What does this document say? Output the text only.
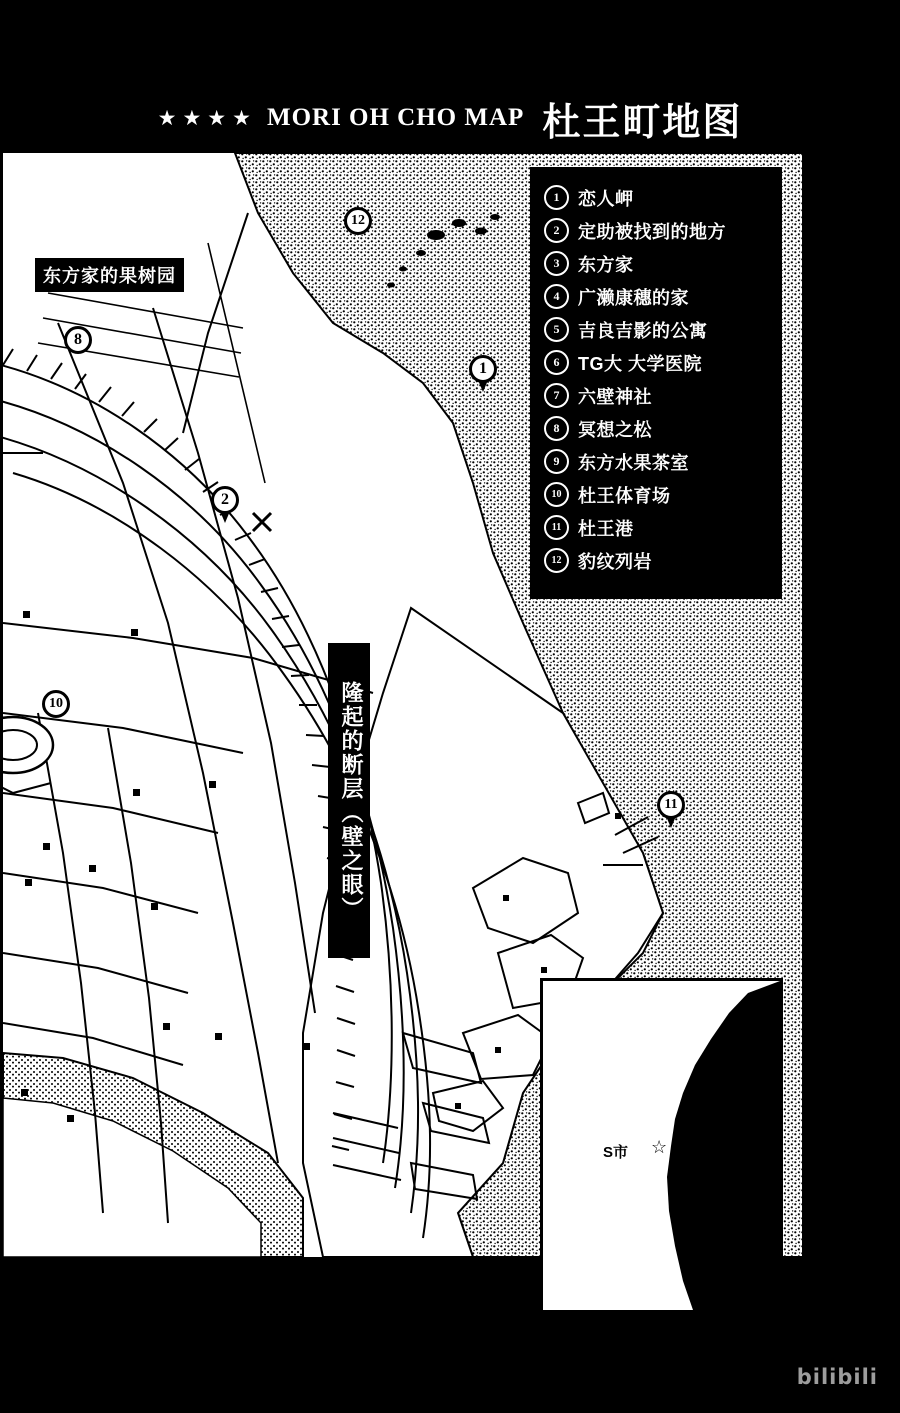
★★★★ MORI OH CHO MAP 杜王町地图
东方家的果树园
隆起的断层（壁之眼）
12
8
1
2
10
11
1	恋人岬
2	定助被找到的地方
3	东方家
4	广濑康穗的家
5	吉良吉影的公寓
6	TG大 大学医院
7	六壁神社
8	冥想之松
9	东方水果茶室
10 杜王体育场
11 杜王港
12 豹纹列岩
S市 ☆
太平洋
bilibili
